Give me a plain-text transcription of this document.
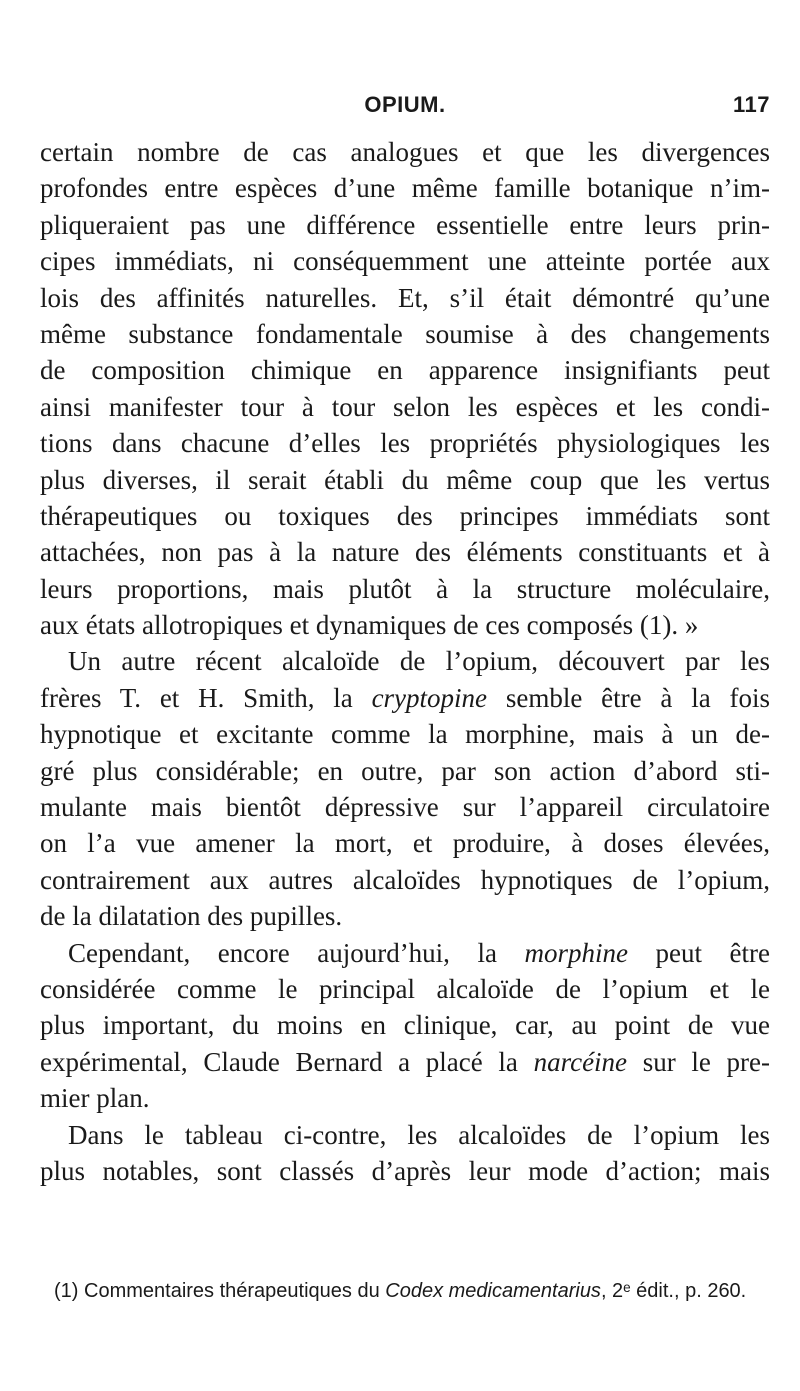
OPIUM.	117
certain nombre de cas analogues et que les divergences
profondes entre espèces d’une même famille botanique n’im-
pliqueraient pas une différence essentielle entre leurs prin-
cipes immédiats, ni conséquemment une atteinte portée aux
lois des affinités naturelles. Et, s’il était démontré qu’une
même substance fondamentale soumise à des changements
de composition chimique en apparence insignifiants peut
ainsi manifester tour à tour selon les espèces et les condi-
tions dans chacune d’elles les propriétés physiologiques les
plus diverses, il serait établi du même coup que les vertus
thérapeutiques ou toxiques des principes immédiats sont
attachées, non pas à la nature des éléments constituants et à
leurs proportions, mais plutôt à la structure moléculaire,
aux états allotropiques et dynamiques de ces composés (1). »
Un autre récent alcaloïde de l’opium, découvert par les
frères T. et H. Smith, la cryptopine semble être à la fois
hypnotique et excitante comme la morphine, mais à un de-
gré plus considérable; en outre, par son action d’abord sti-
mulante mais bientôt dépressive sur l’appareil circulatoire
on l’a vue amener la mort, et produire, à doses élevées,
contrairement aux autres alcaloïdes hypnotiques de l’opium,
de la dilatation des pupilles.
Cependant, encore aujourd’hui, la morphine peut être
considérée comme le principal alcaloïde de l’opium et le
plus important, du moins en clinique, car, au point de vue
expérimental, Claude Bernard a placé la narcéine sur le pre-
mier plan.
Dans le tableau ci-contre, les alcaloïdes de l’opium les
plus notables, sont classés d’après leur mode d’action; mais
(1) Commentaires thérapeutiques du Codex medicamentarius, 2ᵉ édit., p. 260.
